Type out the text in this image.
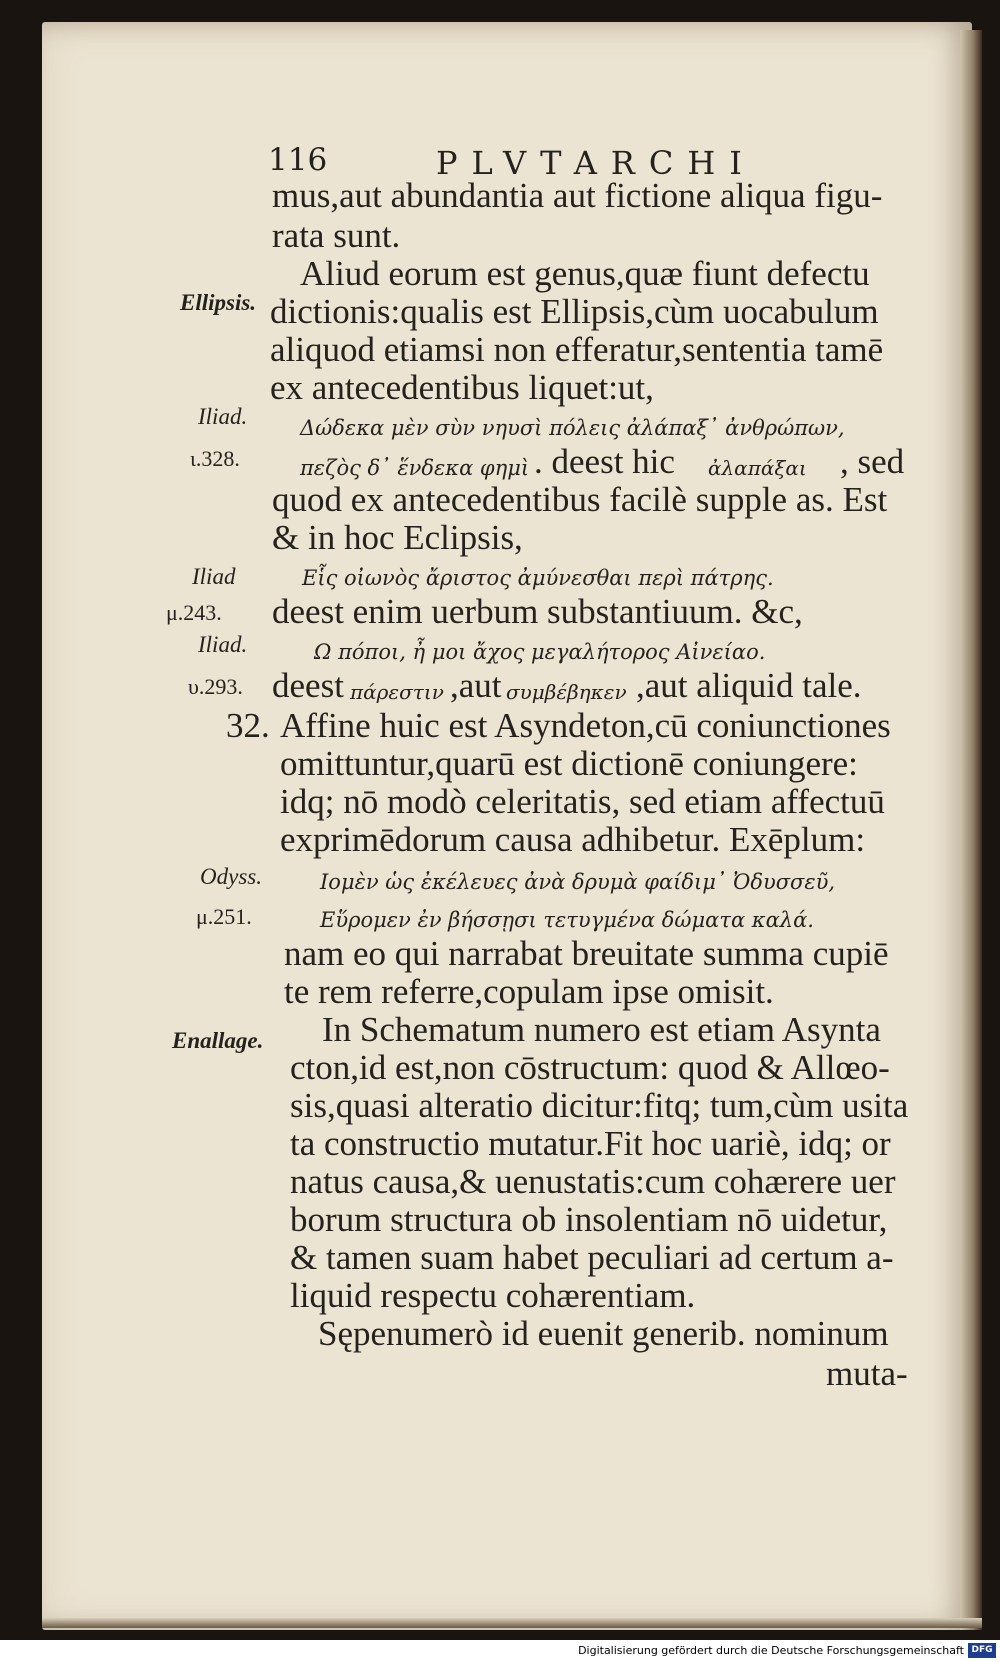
116	PLVTARCHI
mus,aut abundantia aut fictione aliqua figu-
rata sunt.
Aliud eorum est genus,quæ fiunt defectu
dictionis:qualis est Ellipsis,cùm uocabulum
aliquod etiamsi non efferatur,sententia tamē
ex antecedentibus liquet:ut,
Ellipsis.
Iliad.
ι.328.
Iliad
μ.243.
Iliad.
υ.293.
Odyss.
μ.251.
Enallage.
Δώδεκα μὲν σὺν νηυσὶ πόλεις ἀλάπαξ᾽ ἀνθρώπων,
πεζὸς δ᾽ ἕνδεκα φημὶ . deest hic ἀλαπάξαι , sed
quod ex antecedentibus facilè supple as. Est
& in hoc Eclipsis,
Εἷς οἰωνὸς ἄριστος ἀμύνεσθαι περὶ πάτρης.
deest enim uerbum substantiuum. &c,
Ω πόποι, ἦ μοι ἄχος μεγαλήτορος Αἰνείαο.
deest πάρεστιν ,aut συμβέβηκεν ,aut aliquid tale.
32. Affine huic est Asyndeton,cū coniunctiones
omittuntur,quarū est dictionē coniungere:
idq; nō modò celeritatis, sed etiam affectuū
exprimēdorum causa adhibetur. Exēplum:
Ιομὲν ὡς ἐκέλευες ἀνὰ δρυμὰ φαίδιμ᾽ Ὀδυσσεῦ,
Εὕρομεν ἐν βήσσῃσι τετυγμένα δώματα καλά.
nam eo qui narrabat breuitate summa cupiē
te rem referre,copulam ipse omisit.
In Schematum numero est etiam Asynta
cton,id est,non cōstructum: quod & Allœo-
sis,quasi alteratio dicitur:fitq; tum,cùm usita
ta constructio mutatur.Fit hoc uariè, idq; or
natus causa,& uenustatis:cum cohærere uer
borum structura ob insolentiam nō uidetur,
& tamen suam habet peculiari ad certum a-
liquid respectu cohærentiam.
Sępenumerò id euenit generib. nominum
muta-
Digitalisierung gefördert durch die Deutsche Forschungsgemeinschaft DFG
